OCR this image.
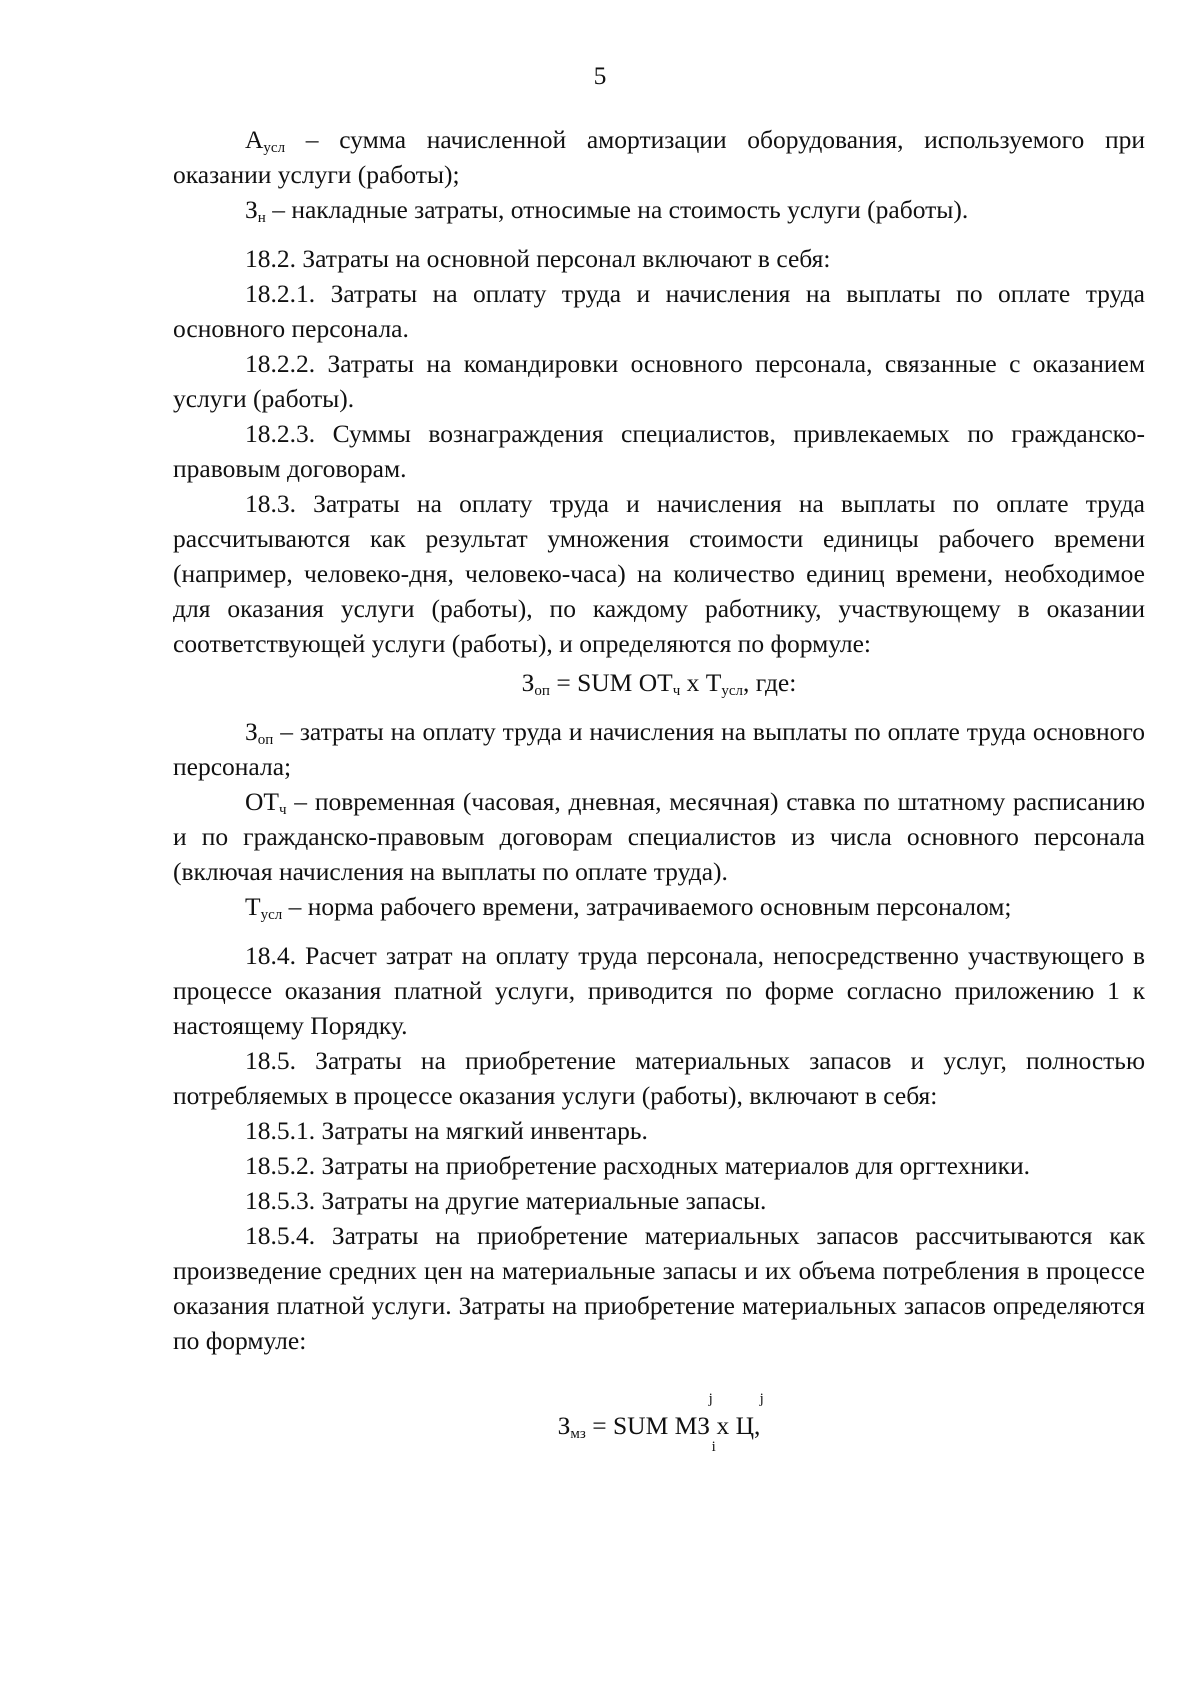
5

$А_{усл}$ – сумма начисленной амортизации оборудования, используемого при оказании услуги (работы);

$З_н$ – накладные затраты, относимые на стоимость услуги (работы).

18.2. Затраты на основной персонал включают в себя:

18.2.1. Затраты на оплату труда и начисления на выплаты по оплате труда основного персонала.

18.2.2. Затраты на командировки основного персонала, связанные с оказанием услуги (работы).

18.2.3. Суммы вознаграждения специалистов, привлекаемых по гражданско-правовым договорам.

18.3. Затраты на оплату труда и начисления на выплаты по оплате труда рассчитываются как результат умножения стоимости единицы рабочего времени (например, человеко-дня, человеко-часа) на количество единиц времени, необходимое для оказания услуги (работы), по каждому работнику, участвующему в оказании соответствующей услуги (работы), и определяются по формуле:

$З_{оп}$ = SUM $ОТ_ч$ x $Т_{усл}$, где:

$З_{оп}$ – затраты на оплату труда и начисления на выплаты по оплате труда основного персонала;

$ОТ_ч$ – повременная (часовая, дневная, месячная) ставка по штатному расписанию и по гражданско-правовым договорам специалистов из числа основного персонала (включая начисления на выплаты по оплате труда).

$Т_{усл}$ – норма рабочего времени, затрачиваемого основным персоналом;

18.4. Расчет затрат на оплату труда персонала, непосредственно участвующего в процессе оказания платной услуги, приводится по форме согласно приложению 1 к настоящему Порядку.

18.5. Затраты на приобретение материальных запасов и услуг, полностью потребляемых в процессе оказания услуги (работы), включают в себя:

18.5.1. Затраты на мягкий инвентарь.

18.5.2. Затраты на приобретение расходных материалов для оргтехники.

18.5.3. Затраты на другие материальные запасы.

18.5.4. Затраты на приобретение материальных запасов рассчитываются как произведение средних цен на материальные запасы и их объема потребления в процессе оказания платной услуги. Затраты на приобретение материальных запасов определяются по формуле:

$З_{мз}$ = SUM МЗ x Ц,
j	j
i
